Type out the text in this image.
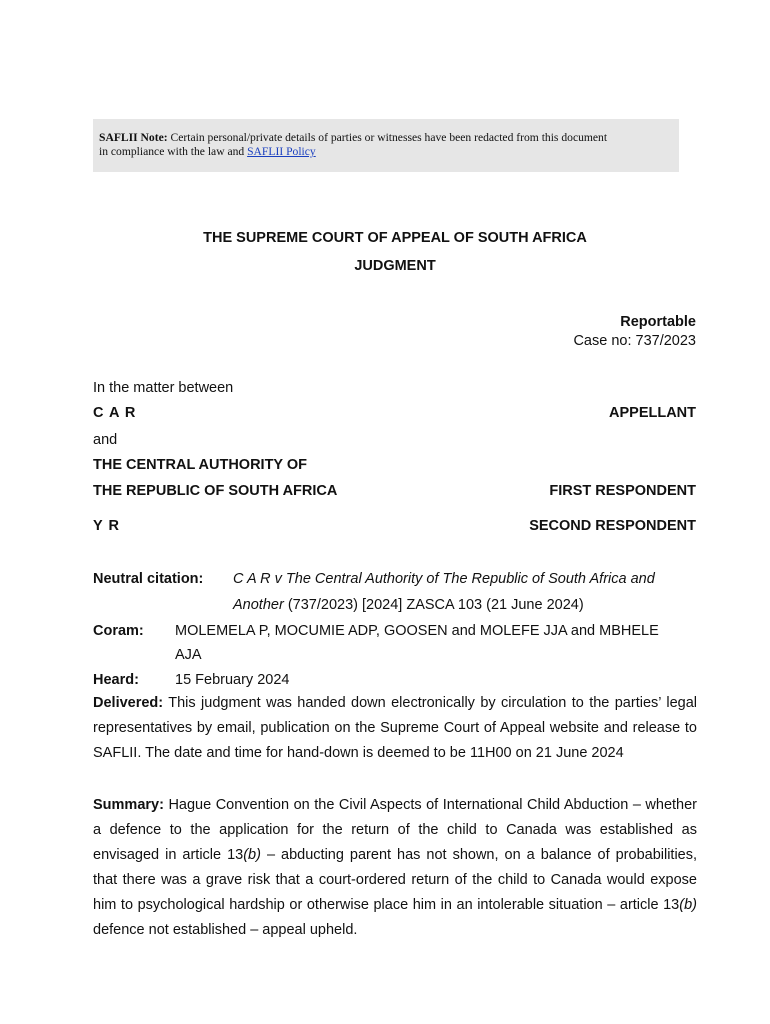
SAFLII Note: Certain personal/private details of parties or witnesses have been redacted from this document
in compliance with the law and SAFLII Policy
THE SUPREME COURT OF APPEAL OF SOUTH AFRICA
JUDGMENT
Reportable
Case no: 737/2023
In the matter between
C A R	APPELLANT
and
THE CENTRAL AUTHORITY OF
THE REPUBLIC OF SOUTH AFRICA	FIRST RESPONDENT
Y R	SECOND RESPONDENT
Neutral citation: C A R v The Central Authority of The Republic of South Africa and
Another (737/2023) [2024] ZASCA 103 (21 June 2024)
Coram: MOLEMELA P, MOCUMIE ADP, GOOSEN and MOLEFE JJA and MBHELE
AJA
Heard: 15 February 2024
Delivered: This judgment was handed down electronically by circulation to the parties’ legal representatives by email, publication on the Supreme Court of Appeal website and release to SAFLII. The date and time for hand-down is deemed to be 11H00 on 21 June 2024
Summary: Hague Convention on the Civil Aspects of International Child Abduction – whether a defence to the application for the return of the child to Canada was established as envisaged in article 13(b) – abducting parent has not shown, on a balance of probabilities, that there was a grave risk that a court-ordered return of the child to Canada would expose him to psychological hardship or otherwise place him in an intolerable situation – article 13(b) defence not established – appeal upheld.
